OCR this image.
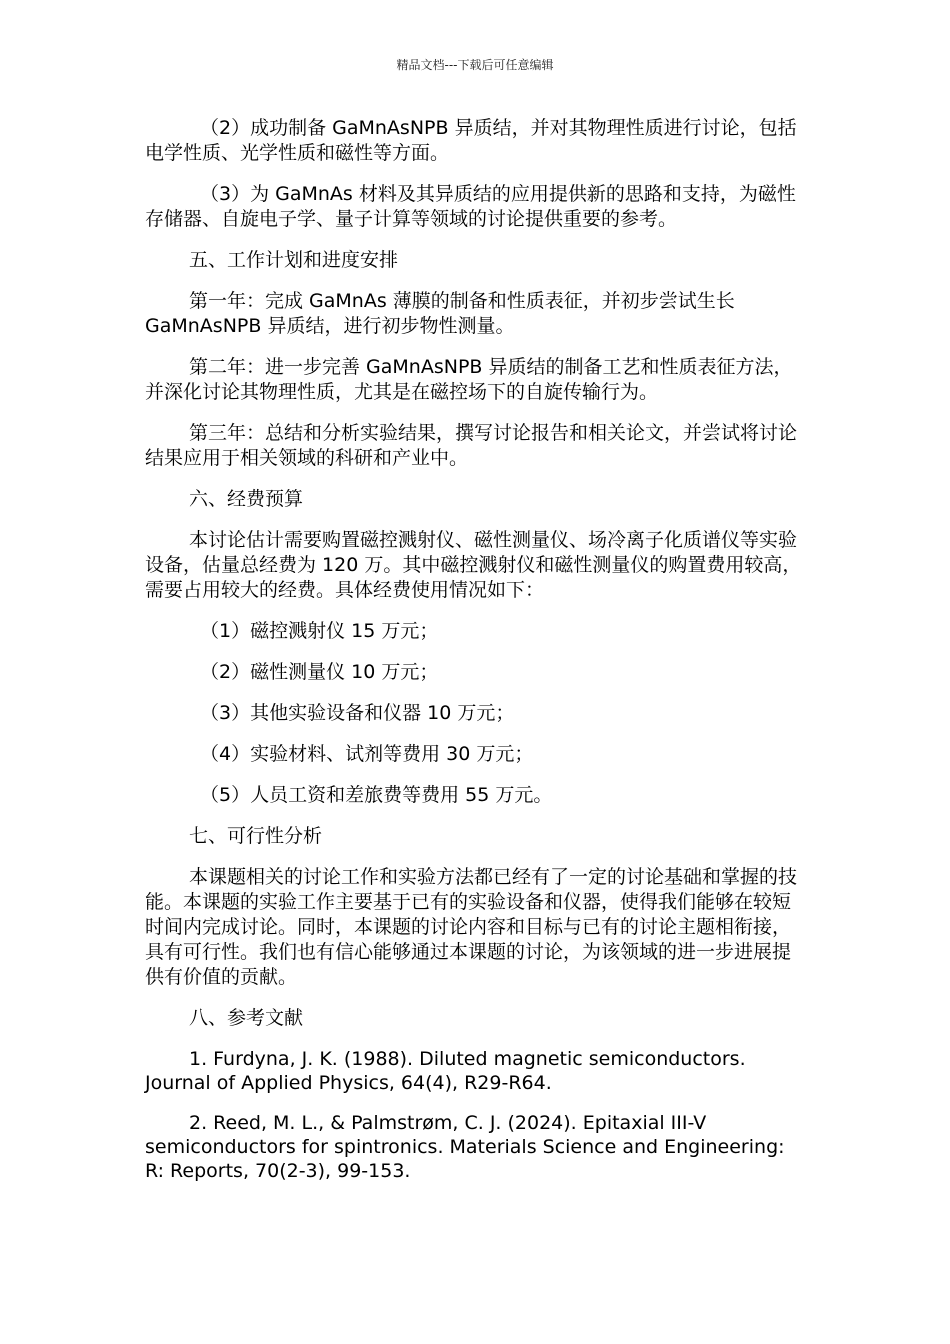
精品文档---下载后可任意编辑

（2）成功制备 GaMnAsNPB 异质结，并对其物理性质进行讨论，包括电学性质、光学性质和磁性等方面。

（3）为 GaMnAs 材料及其异质结的应用提供新的思路和支持，为磁性存储器、自旋电子学、量子计算等领域的讨论提供重要的参考。

五、工作计划和进度安排

第一年：完成 GaMnAs 薄膜的制备和性质表征，并初步尝试生长 GaMnAsNPB 异质结，进行初步物性测量。

第二年：进一步完善 GaMnAsNPB 异质结的制备工艺和性质表征方法，并深化讨论其物理性质，尤其是在磁控场下的自旋传输行为。

第三年：总结和分析实验结果，撰写讨论报告和相关论文，并尝试将讨论结果应用于相关领域的科研和产业中。

六、经费预算

本讨论估计需要购置磁控溅射仪、磁性测量仪、场冷离子化质谱仪等实验设备，估量总经费为 120 万。其中磁控溅射仪和磁性测量仪的购置费用较高，需要占用较大的经费。具体经费使用情况如下：

（1）磁控溅射仪 15 万元；

（2）磁性测量仪 10 万元；

（3）其他实验设备和仪器 10 万元；

（4）实验材料、试剂等费用 30 万元；

（5）人员工资和差旅费等费用 55 万元。

七、可行性分析

本课题相关的讨论工作和实验方法都已经有了一定的讨论基础和掌握的技能。本课题的实验工作主要基于已有的实验设备和仪器，使得我们能够在较短时间内完成讨论。同时，本课题的讨论内容和目标与已有的讨论主题相衔接，具有可行性。我们也有信心能够通过本课题的讨论，为该领域的进一步进展提供有价值的贡献。

八、参考文献

1. Furdyna, J. K. (1988). Diluted magnetic semiconductors. Journal of Applied Physics, 64(4), R29-R64.

2. Reed, M. L., & Palmstrøm, C. J. (2024). Epitaxial III-V semiconductors for spintronics. Materials Science and Engineering: R: Reports, 70(2-3), 99-153.
